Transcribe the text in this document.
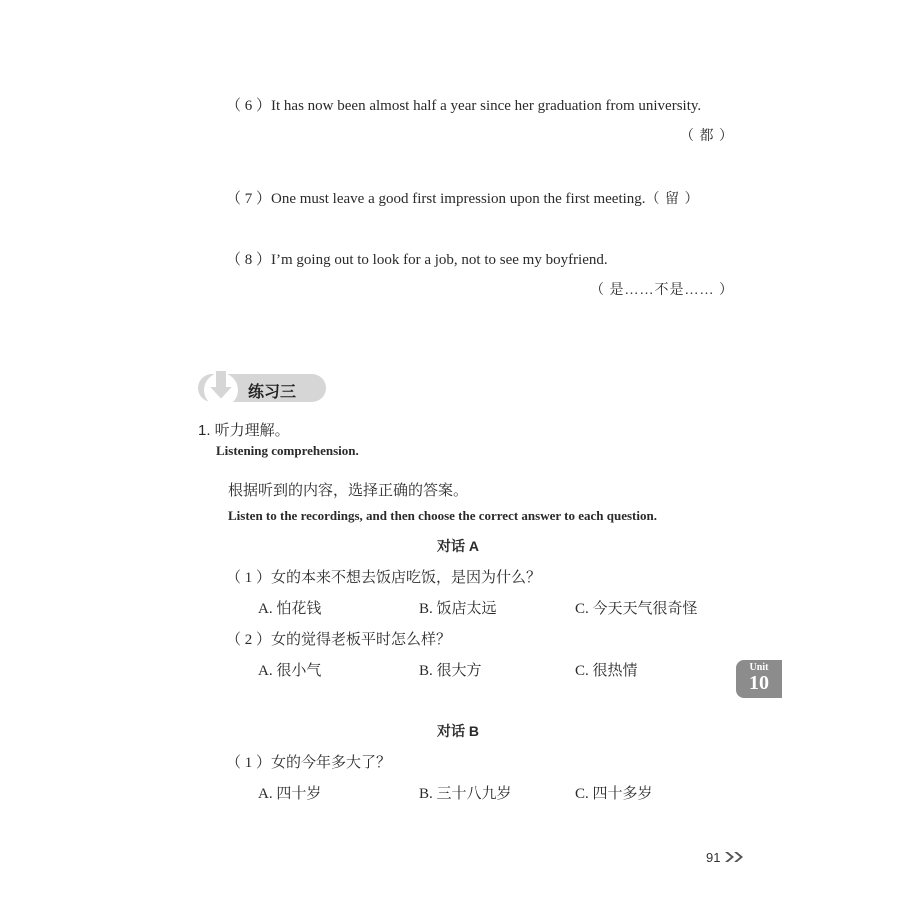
（ 6 ）It has now been almost half a year since her graduation from university.
（ 都 ）
（ 7 ）One must leave a good first impression upon the first meeting.（ 留 ）
（ 8 ）I’m going out to look for a job, not to see my boyfriend.
（ 是……不是…… ）
练习三
1. 听力理解。
Listening comprehension.
根据听到的内容，选择正确的答案。
Listen to the recordings, and then choose the correct answer to each question.
对话 A
（ 1 ）女的本来不想去饭店吃饭，是因为什么？
A. 怕花钱	B. 饭店太远	C. 今天天气很奇怪
（ 2 ）女的觉得老板平时怎么样？
A. 很小气	B. 很大方	C. 很热情	Unit
10
对话 B
（ 1 ）女的今年多大了？
A. 四十岁	B. 三十八九岁	C. 四十多岁
91
